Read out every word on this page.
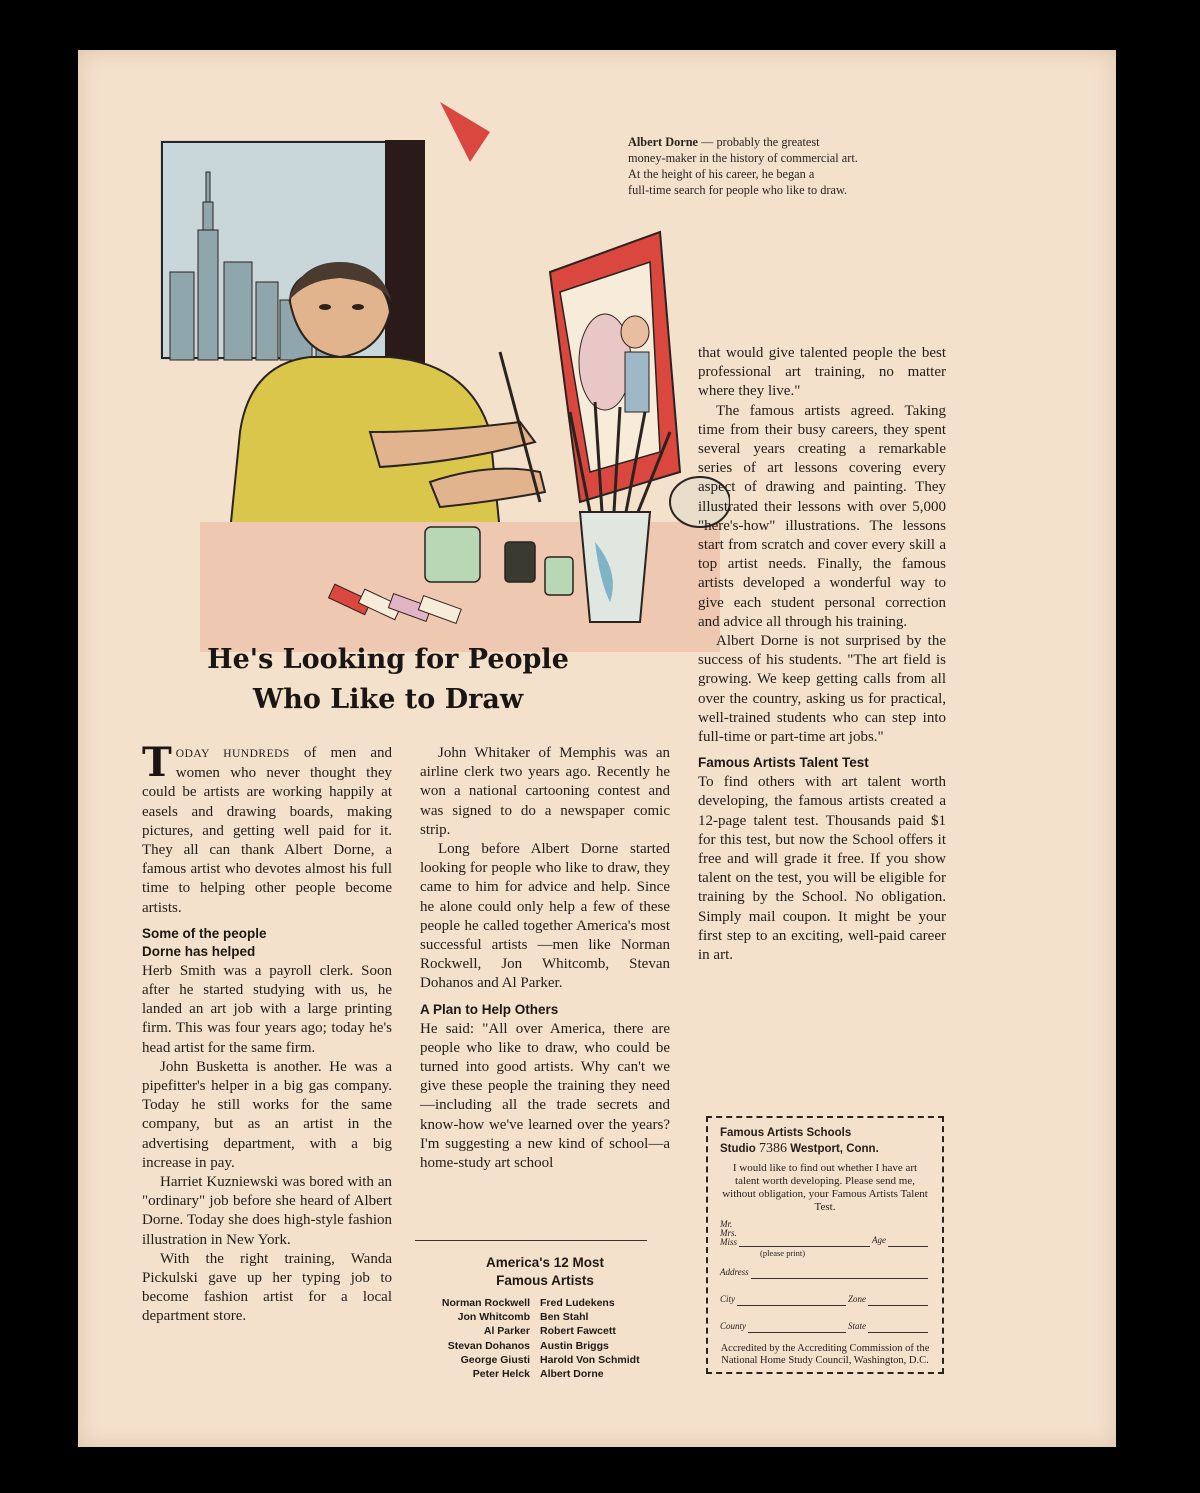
Albert Dorne — probably the greatest
money-maker in the history of commercial art.
At the height of his career, he began a
full-time search for people who like to draw.
He's Looking for People
Who Like to Draw

TODAY HUNDREDS of men and women who never thought they could be artists are working happily at easels and drawing boards, making pictures, and getting well paid for it. They all can thank Albert Dorne, a famous artist who devotes almost his full time to helping other people become artists.

Some of the people
Dorne has helped

Herb Smith was a payroll clerk. Soon after he started studying with us, he landed an art job with a large printing firm. This was four years ago; today he's head artist for the same firm.

John Busketta is another. He was a pipefitter's helper in a big gas company. Today he still works for the same company, but as an artist in the advertising department, with a big increase in pay.

Harriet Kuzniewski was bored with an "ordinary" job before she heard of Albert Dorne. Today she does high-style fashion illustration in New York.

With the right training, Wanda Pickulski gave up her typing job to become fashion artist for a local department store.

John Whitaker of Memphis was an airline clerk two years ago. Recently he won a national cartooning contest and was signed to do a newspaper comic strip.

Long before Albert Dorne started looking for people who like to draw, they came to him for advice and help. Since he alone could only help a few of these people he called together America's most successful artists —men like Norman Rockwell, Jon Whitcomb, Stevan Dohanos and Al Parker.

A Plan to Help Others

He said: "All over America, there are people who like to draw, who could be turned into good artists. Why can't we give these people the training they need—including all the trade secrets and know-how we've learned over the years? I'm suggesting a new kind of school—a home-study art school

America's 12 Most
Famous Artists
Norman Rockwell Fred Ludekens
Jon Whitcomb Ben Stahl
Al Parker Robert Fawcett
Stevan Dohanos Austin Briggs
George Giusti Harold Von Schmidt
Peter Helck Albert Dorne

that would give talented people the best professional art training, no matter where they live."

The famous artists agreed. Taking time from their busy careers, they spent several years creating a remarkable series of art lessons covering every aspect of drawing and painting. They illustrated their lessons with over 5,000 "here's-how" illustrations. The lessons start from scratch and cover every skill a top artist needs. Finally, the famous artists developed a wonderful way to give each student personal correction and advice all through his training.

Albert Dorne is not surprised by the success of his students. "The art field is growing. We keep getting calls from all over the country, asking us for practical, well-trained students who can step into full-time or part-time art jobs."

Famous Artists Talent Test

To find others with art talent worth developing, the famous artists created a 12-page talent test. Thousands paid $1 for this test, but now the School offers it free and will grade it free. If you show talent on the test, you will be eligible for training by the School. No obligation. Simply mail coupon. It might be your first step to an exciting, well-paid career in art.

Famous Artists Schools
Studio 7386 Westport, Conn.
I would like to find out whether I have art talent worth developing. Please send me, without obligation, your Famous Artists Talent Test.
Mr.
Mrs.
Miss	Age
(please print)
Address
City	Zone
County	State
Accredited by the Accrediting Commission of the National Home Study Council, Washington, D.C.
